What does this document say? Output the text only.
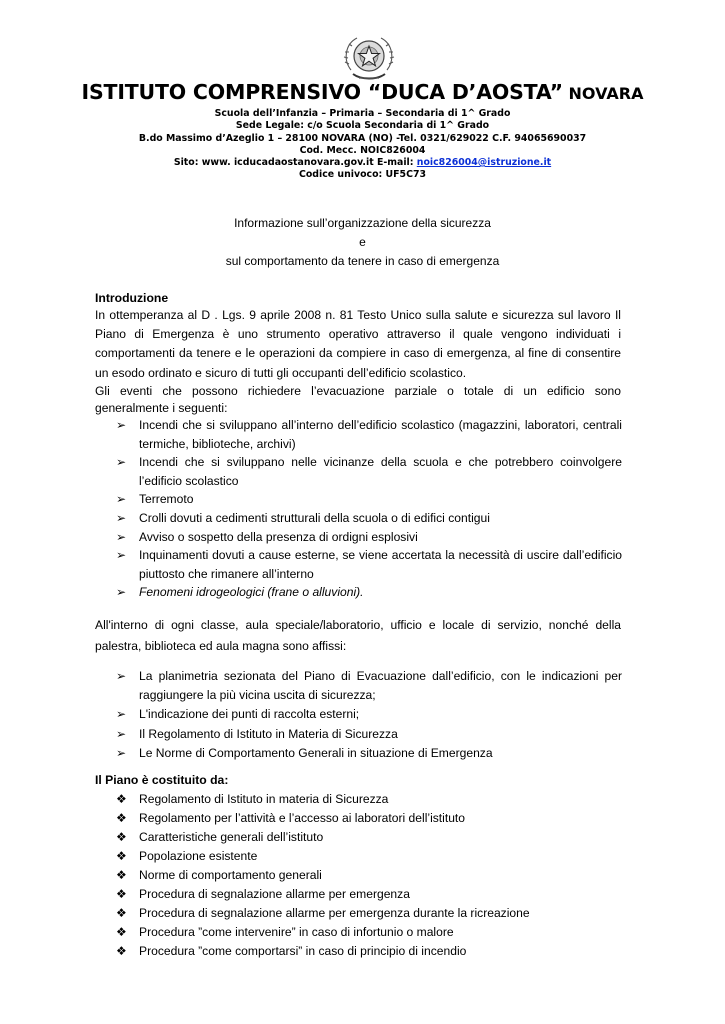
ISTITUTO COMPRENSIVO “DUCA D’AOSTA” NOVARA
Scuola dell’Infanzia – Primaria – Secondaria di 1^ Grado
Sede Legale: c/o Scuola Secondaria di 1^ Grado
B.do Massimo d’Azeglio 1 – 28100 NOVARA (NO) -Tel. 0321/629022 C.F. 94065690037
Cod. Mecc. NOIC826004
Sito: www. icducadaostanovara.gov.it E-mail: noic826004@istruzione.it
Codice univoco: UF5C73
Informazione sull’organizzazione della sicurezza
e
sul comportamento da tenere in caso di emergenza
Introduzione
In ottemperanza al D . Lgs. 9 aprile 2008 n. 81 Testo Unico sulla salute e sicurezza sul lavoro Il
Piano di Emergenza è uno strumento operativo attraverso il quale vengono individuati i
comportamenti da tenere e le operazioni da compiere in caso di emergenza, al fine di consentire
un esodo ordinato e sicuro di tutti gli occupanti dell’edificio scolastico.
Gli eventi che possono richiedere l’evacuazione parziale o totale di un edificio sono
generalmente i seguenti:
➢ Incendi che si sviluppano all’interno dell’edificio scolastico (magazzini, laboratori, centrali termiche, biblioteche, archivi)
➢ Incendi che si sviluppano nelle vicinanze della scuola e che potrebbero coinvolgere l’edificio scolastico
➢ Terremoto
➢ Crolli dovuti a cedimenti strutturali della scuola o di edifici contigui
➢ Avviso o sospetto della presenza di ordigni esplosivi
➢ Inquinamenti dovuti a cause esterne, se viene accertata la necessità di uscire dall’edificio piuttosto che rimanere all’interno
➢ Fenomeni idrogeologici (frane o alluvioni).
All'interno di ogni classe, aula speciale/laboratorio, ufficio e locale di servizio, nonché della palestra, biblioteca ed aula magna sono affissi:
➢ La planimetria sezionata del Piano di Evacuazione dall’edificio, con le indicazioni per raggiungere la più vicina uscita di sicurezza;
➢ L'indicazione dei punti di raccolta esterni;
➢ Il Regolamento di Istituto in Materia di Sicurezza
➢ Le Norme di Comportamento Generali in situazione di Emergenza
Il Piano è costituito da:
❖ Regolamento di Istituto in materia di Sicurezza
❖ Regolamento per l’attività e l’accesso ai laboratori dell’istituto
❖ Caratteristiche generali dell’istituto
❖ Popolazione esistente
❖ Norme di comportamento generali
❖ Procedura di segnalazione allarme per emergenza
❖ Procedura di segnalazione allarme per emergenza durante la ricreazione
❖ Procedura ”come intervenire” in caso di infortunio o malore
❖ Procedura ”come comportarsi” in caso di principio di incendio
